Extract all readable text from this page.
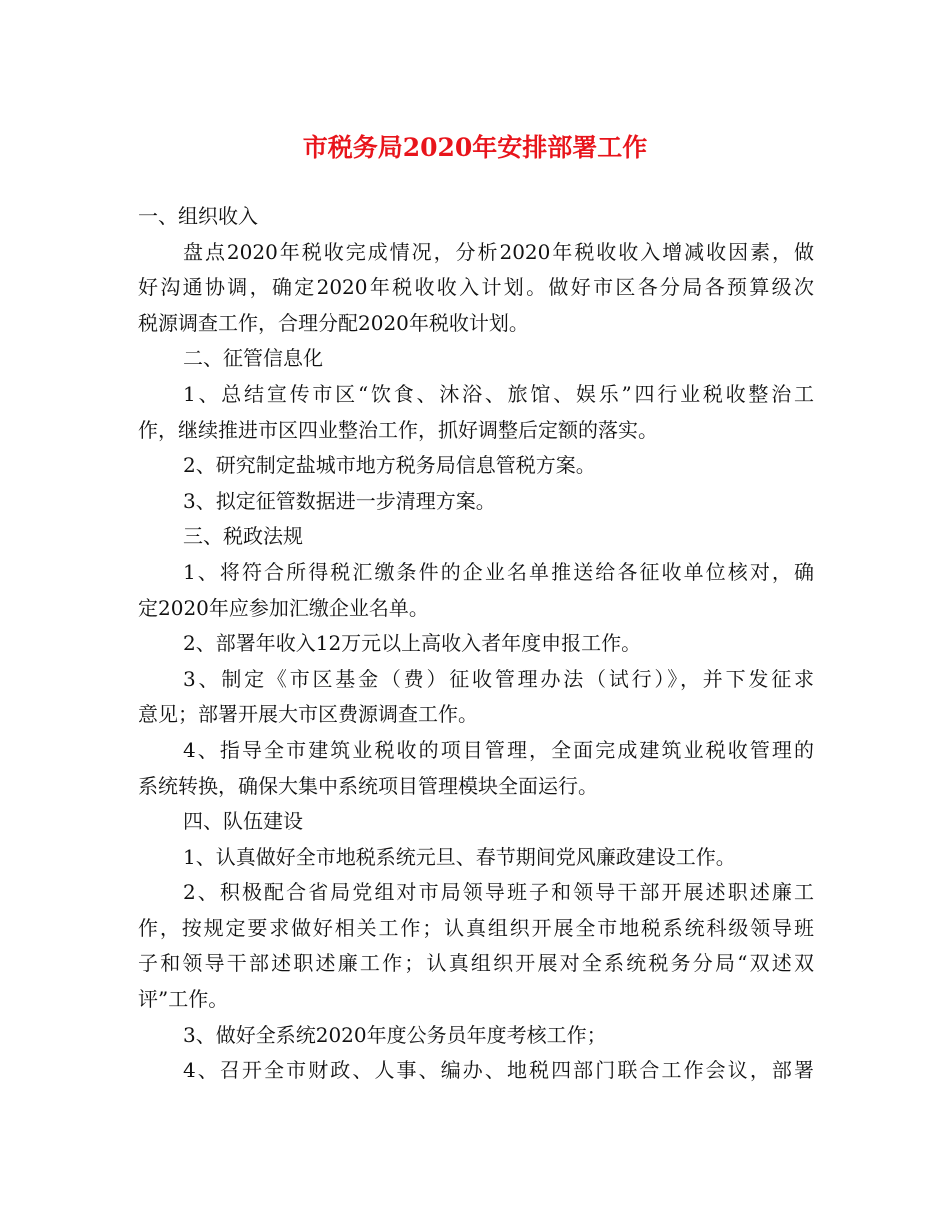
市税务局2020年安排部署工作
一、组织收入
盘点2020年税收完成情况，分析2020年税收收入增减收因素，做
好沟通协调，确定2020年税收收入计划。做好市区各分局各预算级次
税源调查工作，合理分配2020年税收计划。
二、征管信息化
1、总结宣传市区“饮食、沐浴、旅馆、娱乐”四行业税收整治工
作，继续推进市区四业整治工作，抓好调整后定额的落实。
2、研究制定盐城市地方税务局信息管税方案。
3、拟定征管数据进一步清理方案。
三、税政法规
1、将符合所得税汇缴条件的企业名单推送给各征收单位核对，确
定2020年应参加汇缴企业名单。
2、部署年收入12万元以上高收入者年度申报工作。
3、制定《市区基金（费）征收管理办法（试行）》，并下发征求
意见；部署开展大市区费源调查工作。
4、指导全市建筑业税收的项目管理，全面完成建筑业税收管理的
系统转换，确保大集中系统项目管理模块全面运行。
四、队伍建设
1、认真做好全市地税系统元旦、春节期间党风廉政建设工作。
2、积极配合省局党组对市局领导班子和领导干部开展述职述廉工
作，按规定要求做好相关工作；认真组织开展全市地税系统科级领导班
子和领导干部述职述廉工作；认真组织开展对全系统税务分局“双述双
评”工作。
3、做好全系统2020年度公务员年度考核工作；
4、召开全市财政、人事、编办、地税四部门联合工作会议，部署
